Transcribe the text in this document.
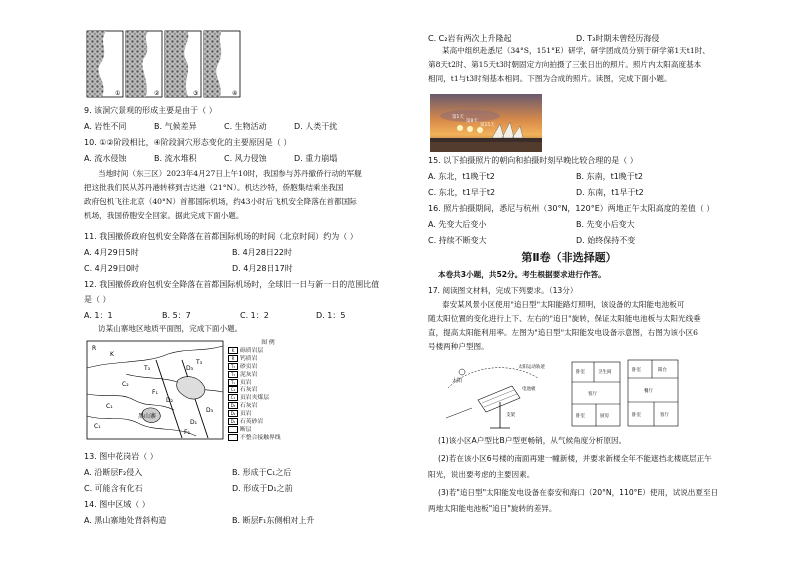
①	②	③	④
9. 该洞穴景观的形成主要是由于（ ）
A. 岩性不同	B. 气候差异	C. 生物活动	D. 人类干扰
10. ①②阶段相比，④阶段洞穴形态变化的主要原因是（ ）
A. 流水侵蚀	B. 流水堆积	C. 风力侵蚀	D. 重力崩塌
当地时间（东三区）2023年4月27日上午10时，我国参与苏丹撤侨行动的军舰
把这批我们民从苏丹港转移到吉达港（21°N）。机达沙特，侨胞集结乘坐我国
政府包机飞往北京（40°N）首都国际机场，约43小时后飞机安全降落在首都国际
机场，我国侨胞安全回家。据此完成下面小题。
11. 我国撤侨政府包机安全降落在首都国际机场的时间（北京时间）约为（ ）
A. 4月29日5时	B. 4月28日22时
C. 4月29日0时	D. 4月28日17时
12. 我国撤侨政府包机安全降落在首都国际机场时，全球旧一日与新一日的范围比值
是（ ）
A. 1：1	B. 5：7	C. 1：2	D. 1：5
访某山寨地区地质平面图，完成下面小题。
R
K
T₃
T₃
C₁
C₁
C₂
D₃
D₃
D₂
D₁
F₁
F₂
黑山寨
图 例
K 砾质岩层
R 钙质岩
T₃ 砂页岩
T₃ 泥灰岩
T₁ 页岩
C₂ 石灰岩
C₁ 页岩夹煤层
D₃ 石灰岩
D₂ 页岩
D₁ 石英砂岩
断层
不整合接触界线
13. 图中花岗岩（ ）
A. 沿断层F₂侵入	B. 形成于C₁之后
C. 可能含有化石	D. 形成于D₁之前
14. 图中区域（ ）
A. 黑山寨地处背斜构造	B. 断层F₁东侧相对上升
C. C₂岩有两次上升隆起	D. T₃时期未曾经历海侵
某高中组织赴悉尼（34°S，151°E）研学，研学团成员分别于研学第1天t1时、
第8天t2时、第15天t3时朝固定方向拍摄了三张日出的照片。照片内太阳高度基本
相同，t1与t3时刻基本相同。下图为合成的照片。读图，完成下面小题。
第1天
第8天
第15天
15. 以下拍摄照片的朝向和拍摄时刻早晚比较合理的是（ ）
A. 东北，t1晚于t2	B. 东南，t1晚于t2
C. 东北，t1早于t2	D. 东南，t1早于t2
16. 照片拍摄期间，悉尼与杭州（30°N，120°E）两地正午太阳高度的差值（ ）
A. 先变大后变小	B. 先变小后变大
C. 持续不断变大	D. 始终保持不变
第Ⅱ卷（非选择题）
本卷共3小题，共52分。考生根据要求进行作答。
17. 阅读图文材料，完成下列要求。（13分）
泰安某风景小区使用"追日型"太阳能路灯照明，该设备的太阳能电池板可
随太阳位置的变化进行上下、左右的"追日"旋转，保证太阳能电池板与太阳光线垂
直，提高太阳能利用率。左图为"追日型"太阳能发电设备示意图，右图为该小区6
号楼两种户型图。
太阳
太阳运动轨迹
电池板
支架
卧室	卫生间
客厅
卧室	厨房
卧室	阳台
餐厅
卧室	客厅
(1)该小区A户型比B户型更畅销，从气候角度分析原因。
(2)若在该小区6号楼的南面再建一幢新楼，并要求新楼全年不能遮挡北楼底层正午
阳光，说出要考虑的主要因素。
(3)若"追日型"太阳能发电设备在泰安和海口（20°N，110°E）使用，试说出夏至日
两地太阳能电池板"追日"旋转的差异。
